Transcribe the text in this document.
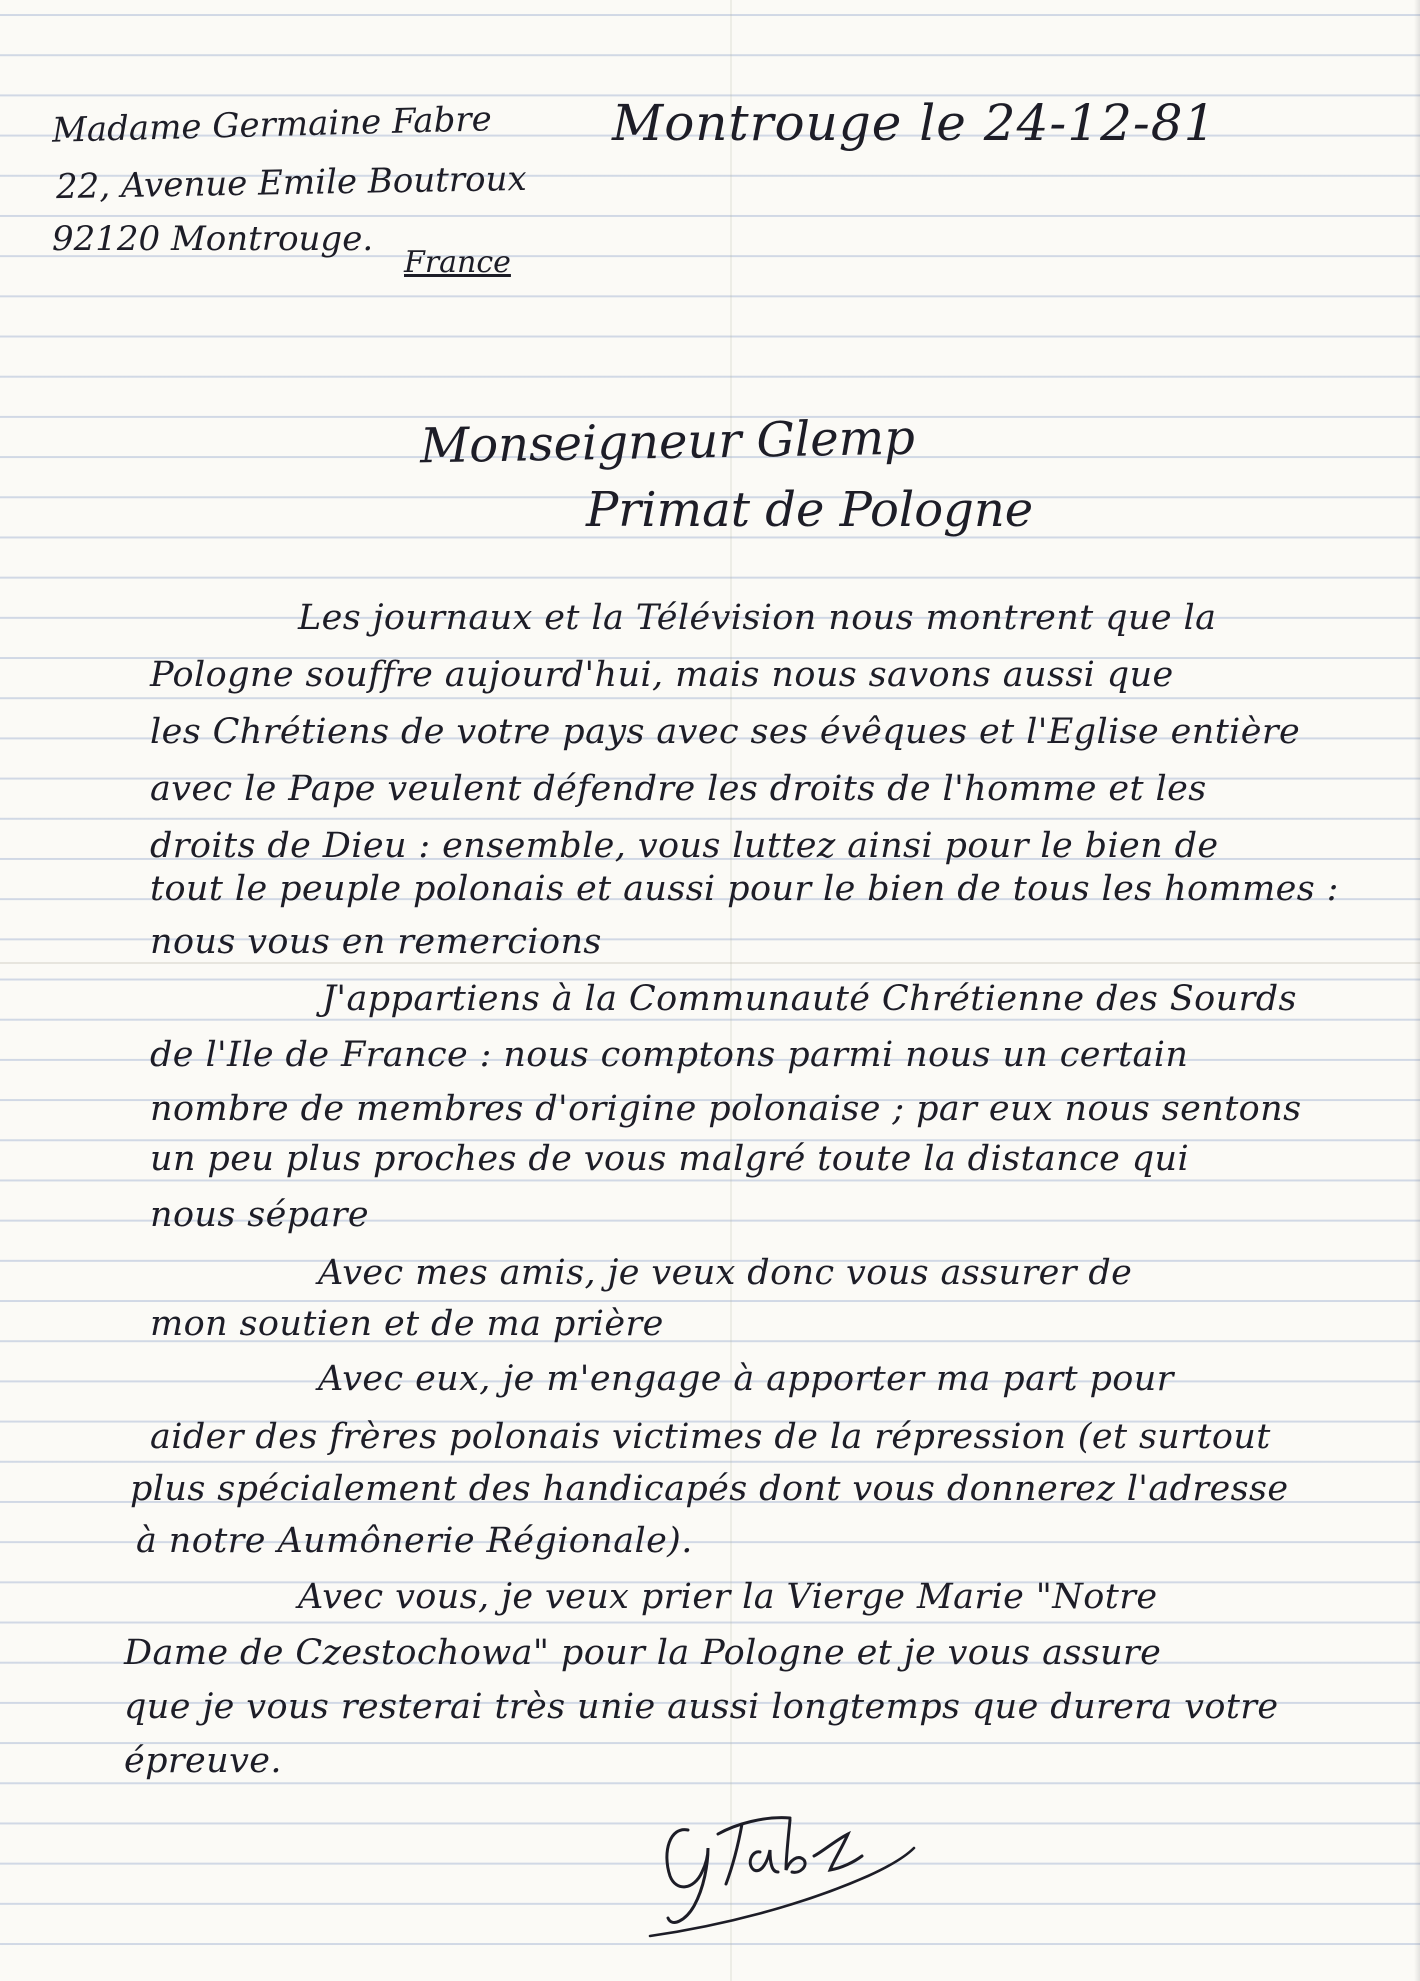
Madame Germaine Fabre
22, Avenue Emile Boutroux
92120 Montrouge.
France
Montrouge le 24-12-81
Monseigneur Glemp
Primat de Pologne
Les journaux et la Télévision nous montrent que la
Pologne souffre aujourd'hui, mais nous savons aussi que
les Chrétiens de votre pays avec ses évêques et l'Eglise entière
avec le Pape veulent défendre les droits de l'homme et les
droits de Dieu : ensemble, vous luttez ainsi pour le bien de
tout le peuple polonais et aussi pour le bien de tous les hommes :
nous vous en remercions
J'appartiens à la Communauté Chrétienne des Sourds
de l'Ile de France : nous comptons parmi nous un certain
nombre de membres d'origine polonaise ; par eux nous sentons
un peu plus proches de vous malgré toute la distance qui
nous sépare
Avec mes amis, je veux donc vous assurer de
mon soutien et de ma prière
Avec eux, je m'engage à apporter ma part pour
aider des frères polonais victimes de la répression (et surtout
plus spécialement des handicapés dont vous donnerez l'adresse
à notre Aumônerie Régionale).
Avec vous, je veux prier la Vierge Marie "Notre
Dame de Czestochowa" pour la Pologne et je vous assure
que je vous resterai très unie aussi longtemps que durera votre
épreuve.
